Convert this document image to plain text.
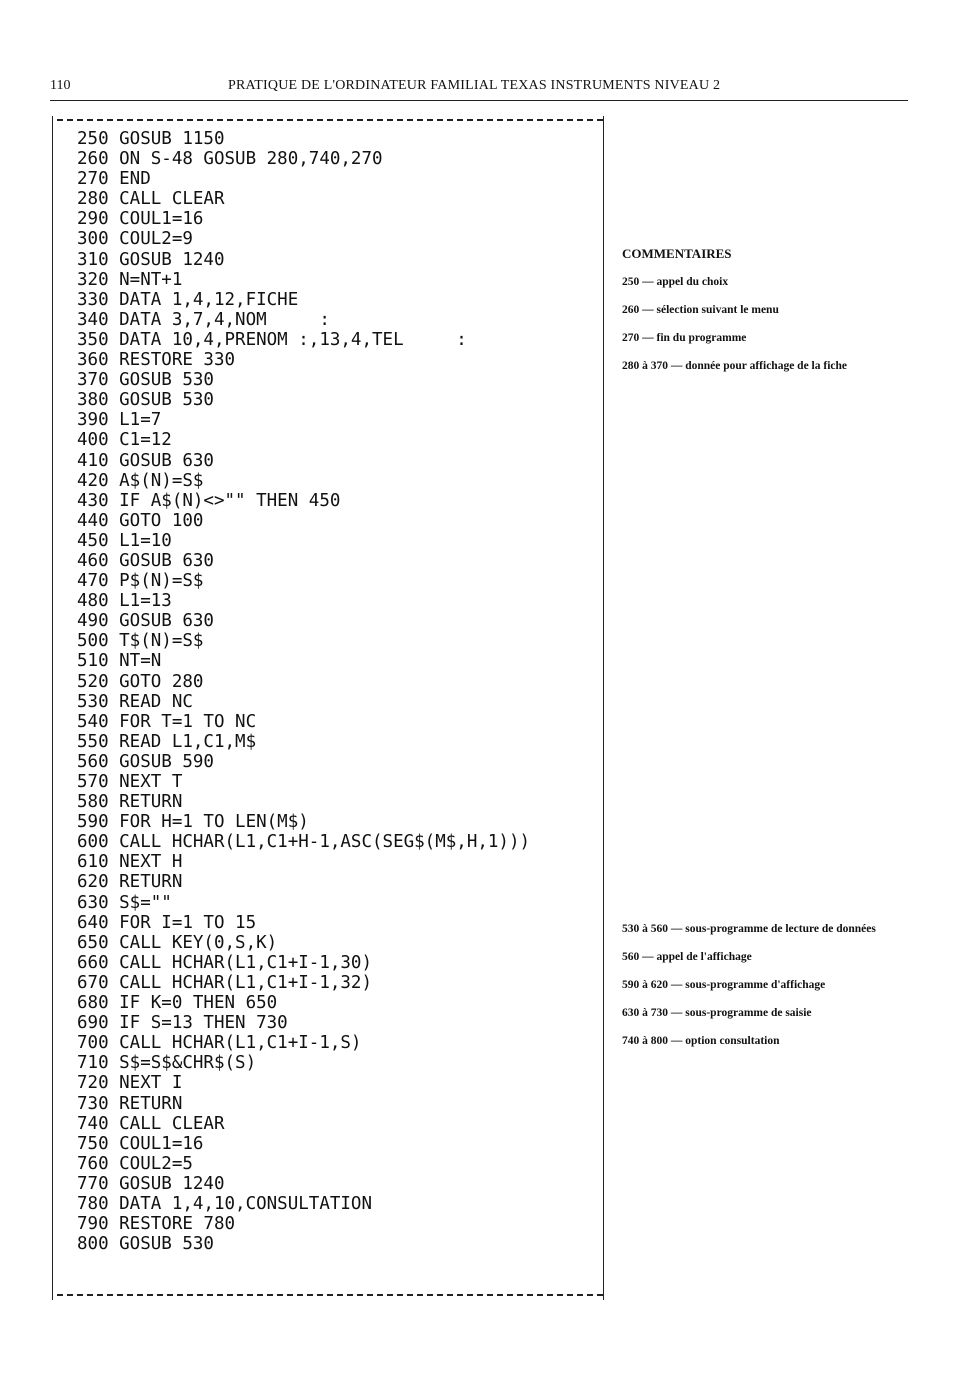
110	PRATIQUE DE L'ORDINATEUR FAMILIAL TEXAS INSTRUMENTS NIVEAU 2
250 GOSUB 1150
260 ON S-48 GOSUB 280,740,270
270 END
280 CALL CLEAR
290 COUL1=16
300 COUL2=9
310 GOSUB 1240
320 N=NT+1
330 DATA 1,4,12,FICHE
340 DATA 3,7,4,NOM     :
350 DATA 10,4,PRENOM :,13,4,TEL     :
360 RESTORE 330
370 GOSUB 530
380 GOSUB 530
390 L1=7
400 C1=12
410 GOSUB 630
420 A$(N)=S$
430 IF A$(N)<>"" THEN 450
440 GOTO 100
450 L1=10
460 GOSUB 630
470 P$(N)=S$
480 L1=13
490 GOSUB 630
500 T$(N)=S$
510 NT=N
520 GOTO 280
530 READ NC
540 FOR T=1 TO NC
550 READ L1,C1,M$
560 GOSUB 590
570 NEXT T
580 RETURN
590 FOR H=1 TO LEN(M$)
600 CALL HCHAR(L1,C1+H-1,ASC(SEG$(M$,H,1)))
610 NEXT H
620 RETURN
630 S$=""
640 FOR I=1 TO 15
650 CALL KEY(0,S,K)
660 CALL HCHAR(L1,C1+I-1,30)
670 CALL HCHAR(L1,C1+I-1,32)
680 IF K=0 THEN 650
690 IF S=13 THEN 730
700 CALL HCHAR(L1,C1+I-1,S)
710 S$=S$&CHR$(S)
720 NEXT I
730 RETURN
740 CALL CLEAR
750 COUL1=16
760 COUL2=5
770 GOSUB 1240
780 DATA 1,4,10,CONSULTATION
790 RESTORE 780
800 GOSUB 530
COMMENTAIRES
250 — appel du choix
260 — sélection suivant le menu
270 — fin du programme
280 à 370 — donnée pour affichage de la fiche
530 à 560 — sous-programme de lecture de données
560 — appel de l'affichage
590 à 620 — sous-programme d'affichage
630 à 730 — sous-programme de saisie
740 à 800 — option consultation
